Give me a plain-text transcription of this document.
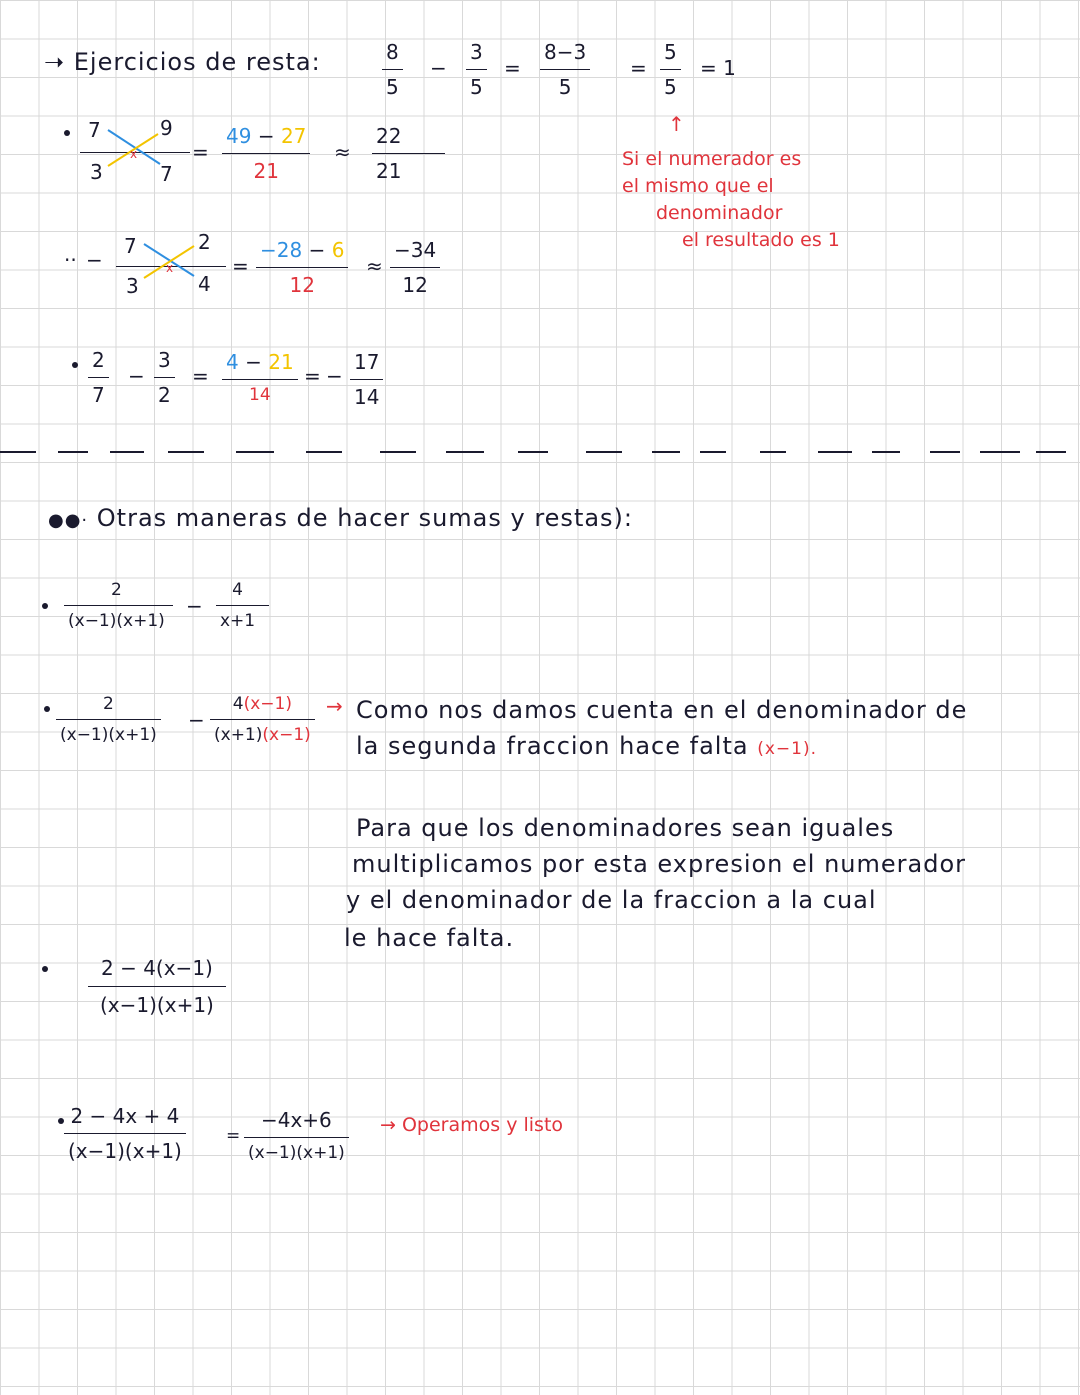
➝ Ejercicios de resta:	8
5
−
3
5
=
8−3
5
=
5
5
= 1
↑
Si el numerador es
el mismo que el
denominador
el resultado es 1
7	9
3	7
x	=
49 − 27
21
≈
22
21
·· −
7	2
3	4
x	=
−28 − 6
12
≈
−34
12
2
7
−
3
2
=
4 − 21
14
= −
17
14
●●· Otras maneras de hacer sumas y restas):
2
(x−1)(x+1)
−
4
x+1
2
(x−1)(x+1)
−
4(x−1)
(x+1)(x−1)
→ Como nos damos cuenta en el denominador de
la segunda fraccion hace falta (x−1).
Para que los denominadores sean iguales
multiplicamos por esta expresion el numerador
y el denominador de la fraccion a la cual
le hace falta.
2 − 4(x−1)
(x−1)(x+1)
2 − 4x + 4
(x−1)(x+1)
=
−4x+6
(x−1)(x+1)
→ Operamos y listo
